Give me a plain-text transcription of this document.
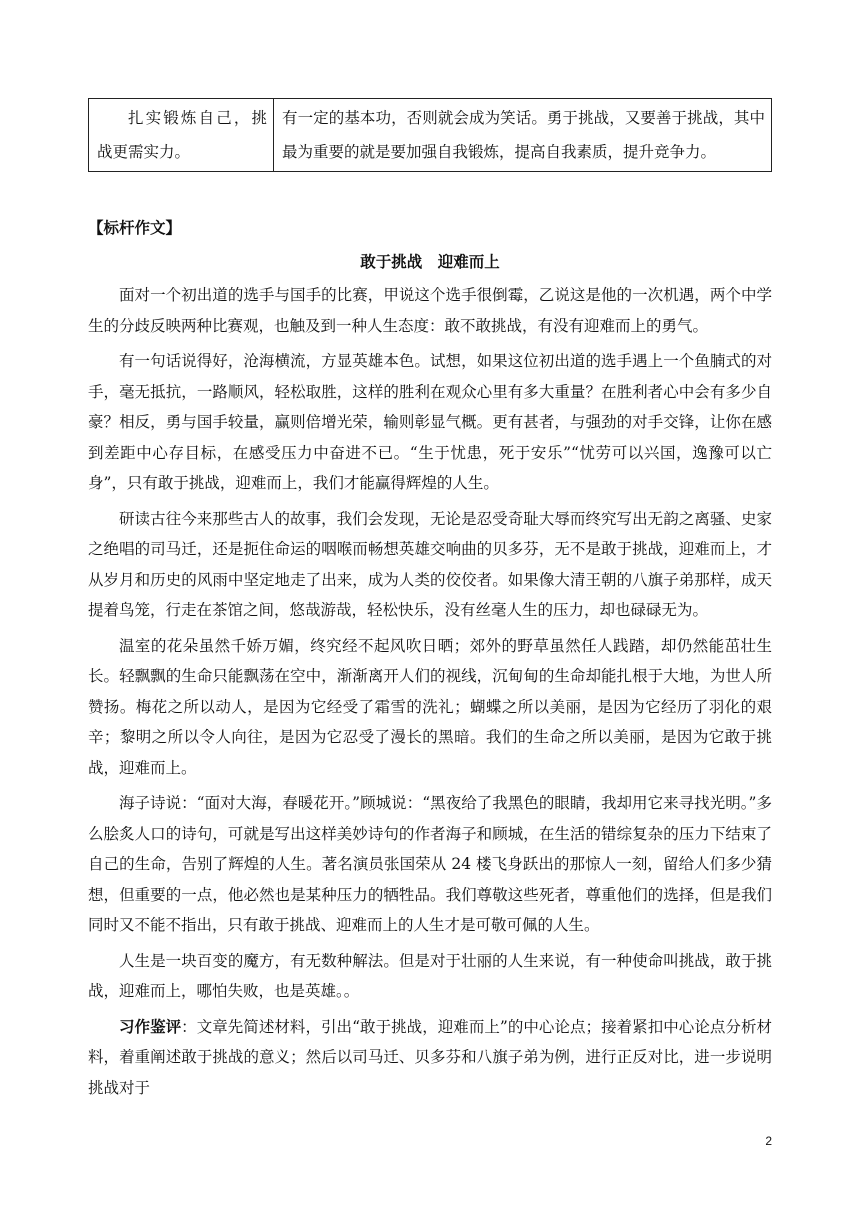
扎实锻炼自己，挑战更需实力。	有一定的基本功，否则就会成为笑话。勇于挑战，又要善于挑战，其中最为重要的就是要加强自我锻炼，提高自我素质，提升竞争力。
【标杆作文】
敢于挑战　迎难而上

面对一个初出道的选手与国手的比赛，甲说这个选手很倒霉，乙说这是他的一次机遇，两个中学生的分歧反映两种比赛观，也触及到一种人生态度：敢不敢挑战，有没有迎难而上的勇气。

有一句话说得好，沧海横流，方显英雄本色。试想，如果这位初出道的选手遇上一个鱼腩式的对手，毫无抵抗，一路顺风，轻松取胜，这样的胜利在观众心里有多大重量？在胜利者心中会有多少自豪？相反，勇与国手较量，赢则倍增光荣，输则彰显气概。更有甚者，与强劲的对手交锋，让你在感到差距中心存目标，在感受压力中奋进不已。“生于忧患，死于安乐”“忧劳可以兴国，逸豫可以亡身”，只有敢于挑战，迎难而上，我们才能赢得辉煌的人生。

研读古往今来那些古人的故事，我们会发现，无论是忍受奇耻大辱而终究写出无韵之离骚、史家之绝唱的司马迁，还是扼住命运的咽喉而畅想英雄交响曲的贝多芬，无不是敢于挑战，迎难而上，才从岁月和历史的风雨中坚定地走了出来，成为人类的佼佼者。如果像大清王朝的八旗子弟那样，成天提着鸟笼，行走在茶馆之间，悠哉游哉，轻松快乐，没有丝毫人生的压力，却也碌碌无为。

温室的花朵虽然千娇万媚，终究经不起风吹日晒；郊外的野草虽然任人践踏，却仍然能茁壮生长。轻飘飘的生命只能飘荡在空中，渐渐离开人们的视线，沉甸甸的生命却能扎根于大地，为世人所赞扬。梅花之所以动人，是因为它经受了霜雪的洗礼；蝴蝶之所以美丽，是因为它经历了羽化的艰辛；黎明之所以令人向往，是因为它忍受了漫长的黑暗。我们的生命之所以美丽，是因为它敢于挑战，迎难而上。

海子诗说：“面对大海，春暖花开。”顾城说：“黑夜给了我黑色的眼睛，我却用它来寻找光明。”多么脍炙人口的诗句，可就是写出这样美妙诗句的作者海子和顾城，在生活的错综复杂的压力下结束了自己的生命，告别了辉煌的人生。著名演员张国荣从 24 楼飞身跃出的那惊人一刻，留给人们多少猜想，但重要的一点，他必然也是某种压力的牺牲品。我们尊敬这些死者，尊重他们的选择，但是我们同时又不能不指出，只有敢于挑战、迎难而上的人生才是可敬可佩的人生。

人生是一块百变的魔方，有无数种解法。但是对于壮丽的人生来说，有一种使命叫挑战，敢于挑战，迎难而上，哪怕失败，也是英雄。。

习作鉴评：文章先简述材料，引出“敢于挑战，迎难而上”的中心论点；接着紧扣中心论点分析材料，着重阐述敢于挑战的意义；然后以司马迁、贝多芬和八旗子弟为例，进行正反对比，进一步说明挑战对于

2
